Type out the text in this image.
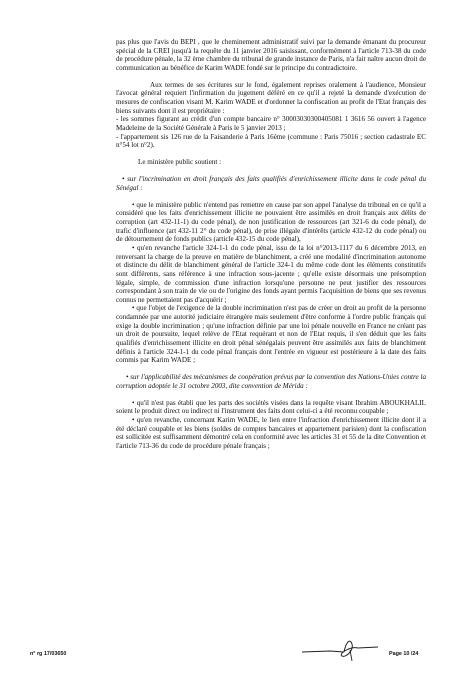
pas plus que l'avis du BEPI , que le cheminement administratif suivi par la demande émanant du procureur spécial de la CREI jusqu'à la requête du 11 janvier 2016 saisissant, conformément à l'article 713-38 du code de procédure pénale, la 32 ème chambre du tribunal de grande instance de Paris, n'a fait naître aucun droit de communication au bénéfice de Karim WADE fondé sur le principe du contradictoire.

Aux termes de ses écritures sur le fond, également reprises oralement à l'audience, Monsieur l'avocat général requiert l'infirmation du jugement déféré en ce qu'il a rejeté la demande d'exécution de mesures de confiscation visant M. Karim WADE et d'ordonner la confiscation au profit de l'Etat français des biens suivants dont il est propriétaire :

- les sommes figurant au crédit d'un compte bancaire n° 30003030300405081 1 3616 56 ouvert à l'agence Madeleine de la Société Générale à Paris le 5 janvier 2013 ;

- l'appartement sis 126 rue de la Faisanderie à Paris 16ème (commune : Paris 75016 ; section cadastrale EC n°54 lot n°2).

Le ministère public soutient :

• sur l'incrimination en droit français des faits qualifiés d'enrichissement illicite dans le code pénal du Sénégal :

• que le ministère public n'entend pas remettre en cause par son appel l'analyse du tribunal en ce qu'il a considéré que les faits d'enrichissement illicite ne pouvaient être assimilés en droit français aux délits de corruption (art 432-11-1) du code pénal), de non justification de ressources (art 321-6 du code pénal), de trafic d'influence (art 432-11 2° du code pénal), de prise illégale d'intérêts (article 432-12 du code pénal) ou de détournement de fonds publics (article 432-15 du code pénal),

• qu'en revanche l'article 324-1-1 du code pénal, issu de la loi n°2013-1117 du 6 décembre 2013, en renversant la charge de la preuve en matière de blanchiment, a créé une modalité d'incrimination autonome et distincte du délit de blanchiment général de l'article 324-1 du même code dont les éléments constitutifs sont différents, sans référence à une infraction sous-jacente ; qu'elle existe désormais une présomption légale, simple, de commission d'une infraction lorsqu'une personne ne peut justifier des ressources correspondant à son train de vie ou de l'origine des fonds ayant permis l'acquisition de biens que ses revenus connus ne permettaient pas d'acquérir ;

• que l'objet de l'exigence de la double incrimination n'est pas de créer un droit au profit de la personne condamnée par une autorité judiciaire étrangère mais seulement d'être conforme à l'ordre public français qui exige la double incrimination ; qu'une infraction définie par une loi pénale nouvelle en France ne créant pas un droit de poursuite, lequel relève de l'Etat requérant et non de l'Etat requis, il s'en déduit que les faits qualifiés d'enrichissement illicite en droit pénal sénégalais peuvent être assimilés aux faits de blanchiment définis à l'article 324-1-1 du code pénal français dont l'entrée en vigueur est postérieure à la date des faits commis par Karim WADE ;

• sur l'applicabilité des mécanismes de coopération prévus par la convention des Nations-Unies contre la corruption adoptée le 31 octobre 2003, dite convention de Mérida :

• qu'il n'est pas établi que les parts des sociétés visées dans la requête visant Ibrahim ABOUKHALIL soient le produit direct ou indirect ni l'instrument des faits dont celui-ci a été reconnu coupable ;

• qu'en revanche, concernant Karim WADE, le lien entre l'infraction d'enrichissement illicite dont il a été déclaré coupable et les biens (soldes de comptes bancaires et appartement parisien) dont la confiscation est sollicitée est suffisamment démontré cela en conformité avec les articles 31 et 55 de la dite Convention et l'article 713-36 du code de procédure pénale français ;

n° rg 17/03650	Page 10 /24
